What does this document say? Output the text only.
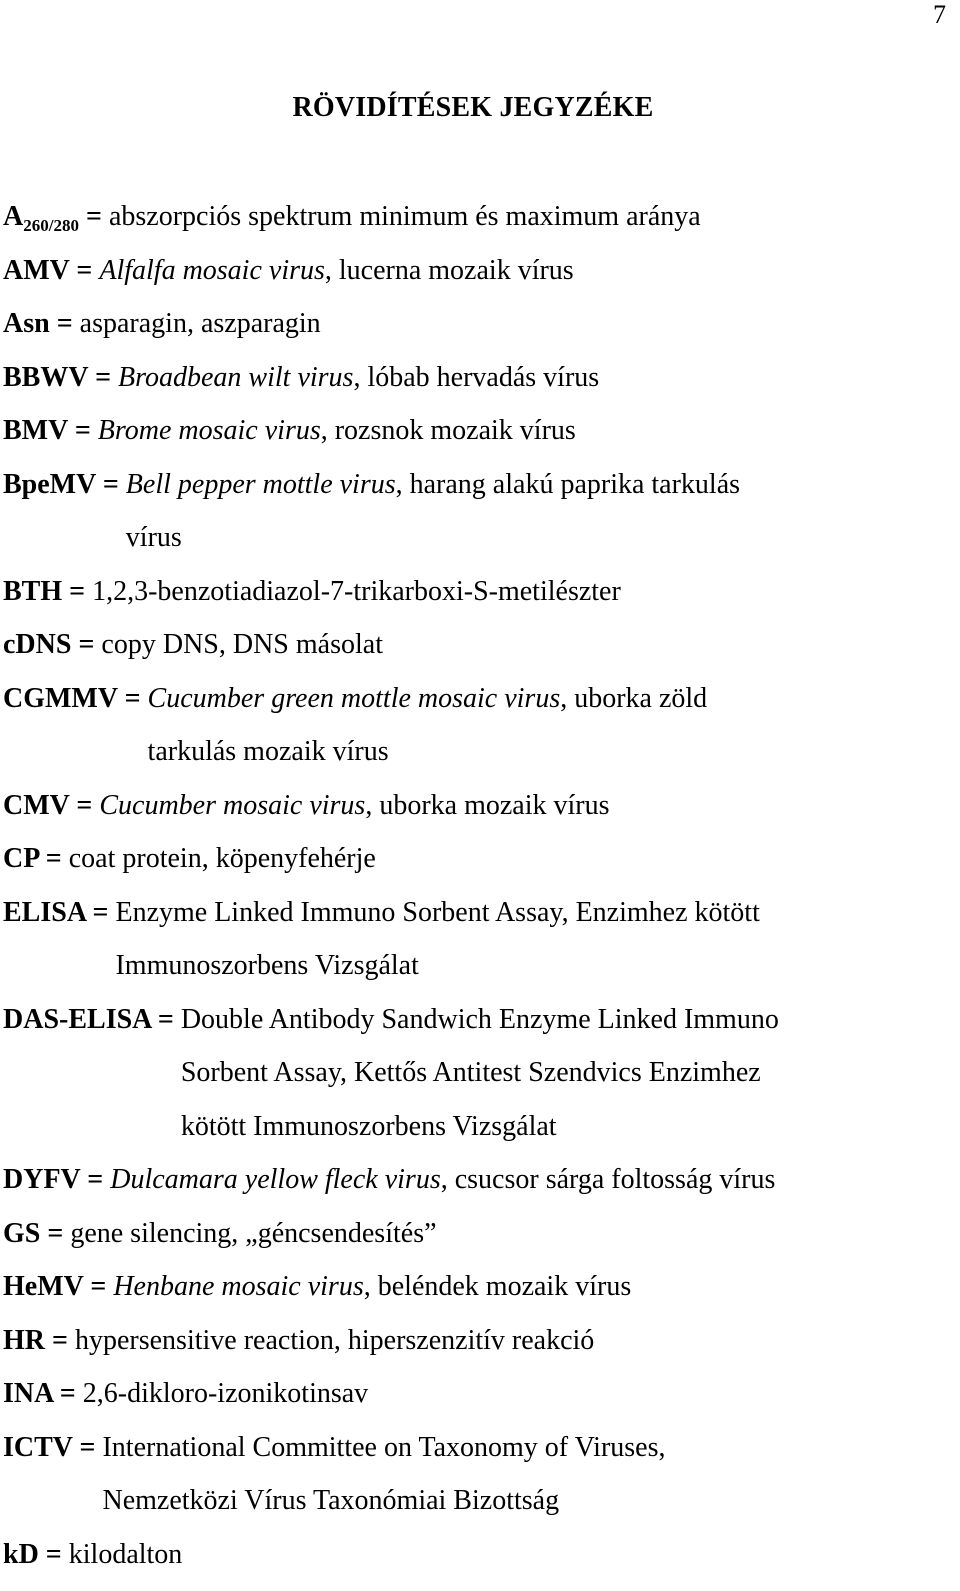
7
RÖVIDÍTÉSEK JEGYZÉKE
$A_{260/280}$ = abszorpciós spektrum minimum és maximum aránya
AMV = Alfalfa mosaic virus, lucerna mozaik vírus
Asn = asparagin, aszparagin
BBWV = Broadbean wilt virus, lóbab hervadás vírus
BMV = Brome mosaic virus, rozsnok mozaik vírus
BpeMV = Bell pepper mottle virus, harang alakú paprika tarkulás
vírus
BTH = 1,2,3-benzotiadiazol-7-trikarboxi-S-metilészter
cDNS = copy DNS, DNS másolat
CGMMV = Cucumber green mottle mosaic virus, uborka zöld
tarkulás mozaik vírus
CMV = Cucumber mosaic virus, uborka mozaik vírus
CP = coat protein, köpenyfehérje
ELISA = Enzyme Linked Immuno Sorbent Assay, Enzimhez kötött
Immunoszorbens Vizsgálat
DAS-ELISA = Double Antibody Sandwich Enzyme Linked Immuno
Sorbent Assay, Kettős Antitest Szendvics Enzimhez
kötött Immunoszorbens Vizsgálat
DYFV = Dulcamara yellow fleck virus, csucsor sárga foltosság vírus
GS = gene silencing, „géncsendesítés”
HeMV = Henbane mosaic virus, beléndek mozaik vírus
HR = hypersensitive reaction, hiperszenzitív reakció
INA = 2,6-dikloro-izonikotinsav
ICTV = International Committee on Taxonomy of Viruses,
Nemzetközi Vírus Taxonómiai Bizottság
kD = kilodalton
